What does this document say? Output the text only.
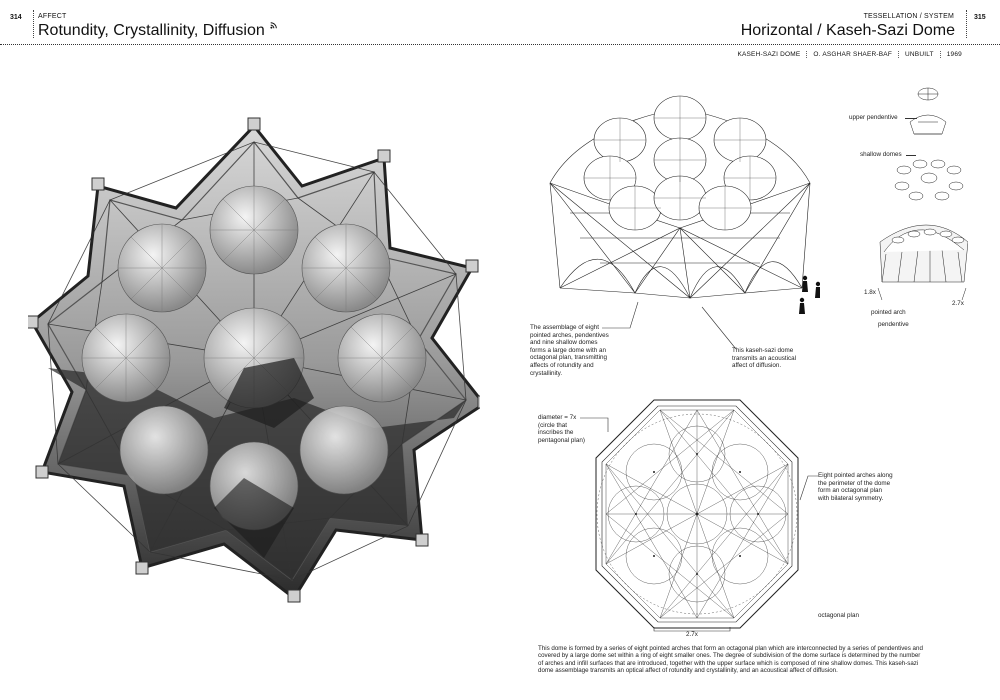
314 AFFECT
Rotundity, Crystallinity, Diffusion
TESSELLATION / SYSTEM	315
Horizontal / Kaseh-Sazi Dome
KASEH-SAZI DOME	O. ASGHAR SHAER-BAF	UNBUILT	1969
upper pendentive
shallow domes
1.8x
2.7x
pointed arch
pendentive
The assemblage of eight
pointed arches, pendentives
and nine shallow domes
forms a large dome with an
octagonal plan, transmitting
affects of rotundity and
crystallinity.
This kaseh-sazi dome
transmits an acoustical
affect of diffusion.
diameter = 7x
(circle that
inscribes the
pentagonal plan)
Eight pointed arches along
the perimeter of the dome
form an octagonal plan
with bilateral symmetry.
octagonal plan
2.7x
This dome is formed by a series of eight pointed arches that form an octagonal plan which are interconnected by a series of pendentives and
covered by a large dome set within a ring of eight smaller ones. The degree of subdivision of the dome surface is determined by the number
of arches and infill surfaces that are introduced, together with the upper surface which is composed of nine shallow domes. This kaseh-sazi
dome assemblage transmits an optical affect of rotundity and crystallinity, and an acoustical affect of diffusion.
